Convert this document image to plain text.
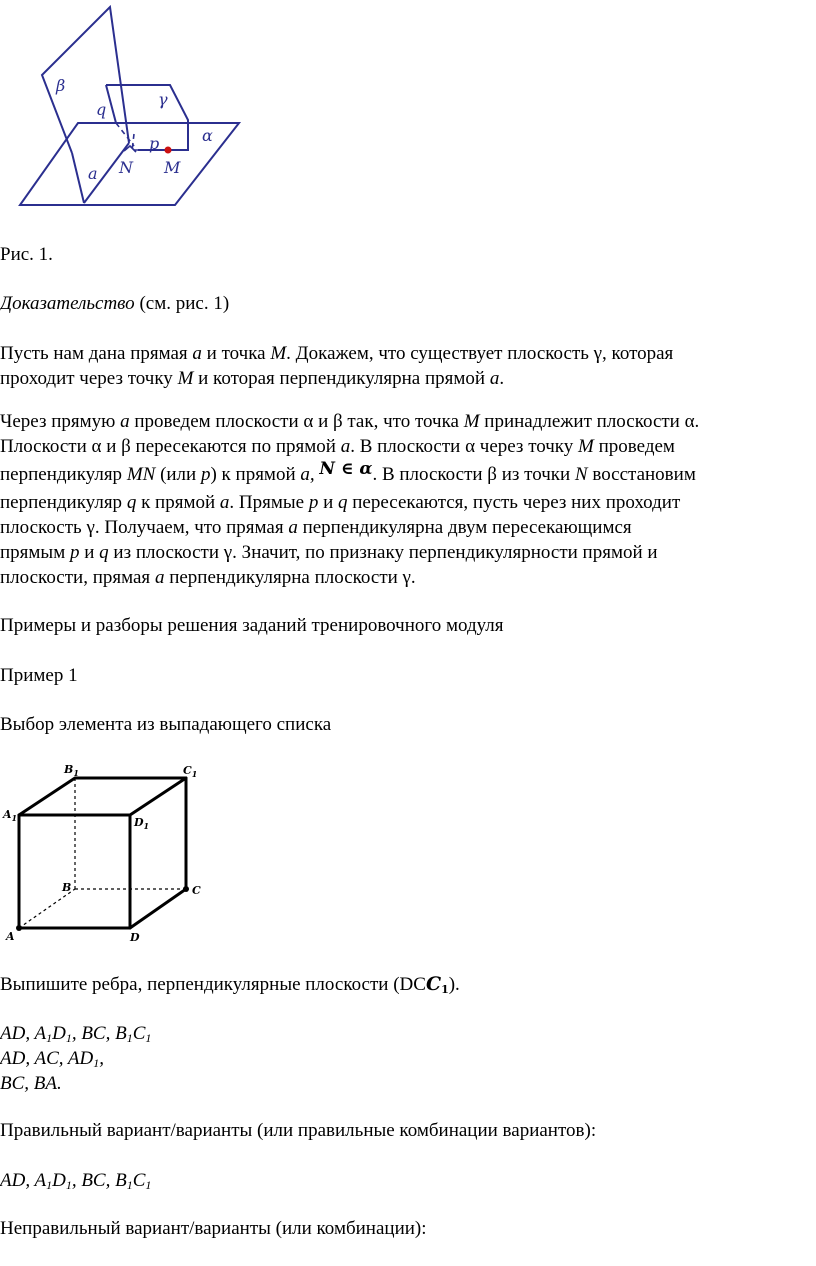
β
γ
α
q
p
a N M
Рис. 1.
Доказательство (см. рис. 1)
Пусть нам дана прямая a и точка M. Докажем, что существует плоскость γ, которая
проходит через точку M и которая перпендикулярна прямой a.
Через прямую a проведем плоскости α и β так, что точка M принадлежит плоскости α.
Плоскости α и β пересекаются по прямой a. В плоскости α через точку M проведем
перпендикуляр MN (или p) к прямой a, N ∈ α. В плоскости β из точки N восстановим
перпендикуляр q к прямой a. Прямые p и q пересекаются, пусть через них проходит
плоскость γ. Получаем, что прямая a перпендикулярна двум пересекающимся
прямым p и q из плоскости γ. Значит, по признаку перпендикулярности прямой и
плоскости, прямая a перпендикулярна плоскости γ.
Примеры и разборы решения заданий тренировочного модуля
Пример 1
Выбор элемента из выпадающего списка
$B_1$	$C_1$
$A_1$	$D_1$
B	C
A	D
Выпишите ребра, перпендикулярные плоскости $(DCC_1)$.
AD, $A_1D_1$, BC, $B_1C_1$
AD, AC, $AD_1$,
BC, BA.
Правильный вариант/варианты (или правильные комбинации вариантов):
AD, $A_1D_1$, BC, $B_1C_1$
Неправильный вариант/варианты (или комбинации):
